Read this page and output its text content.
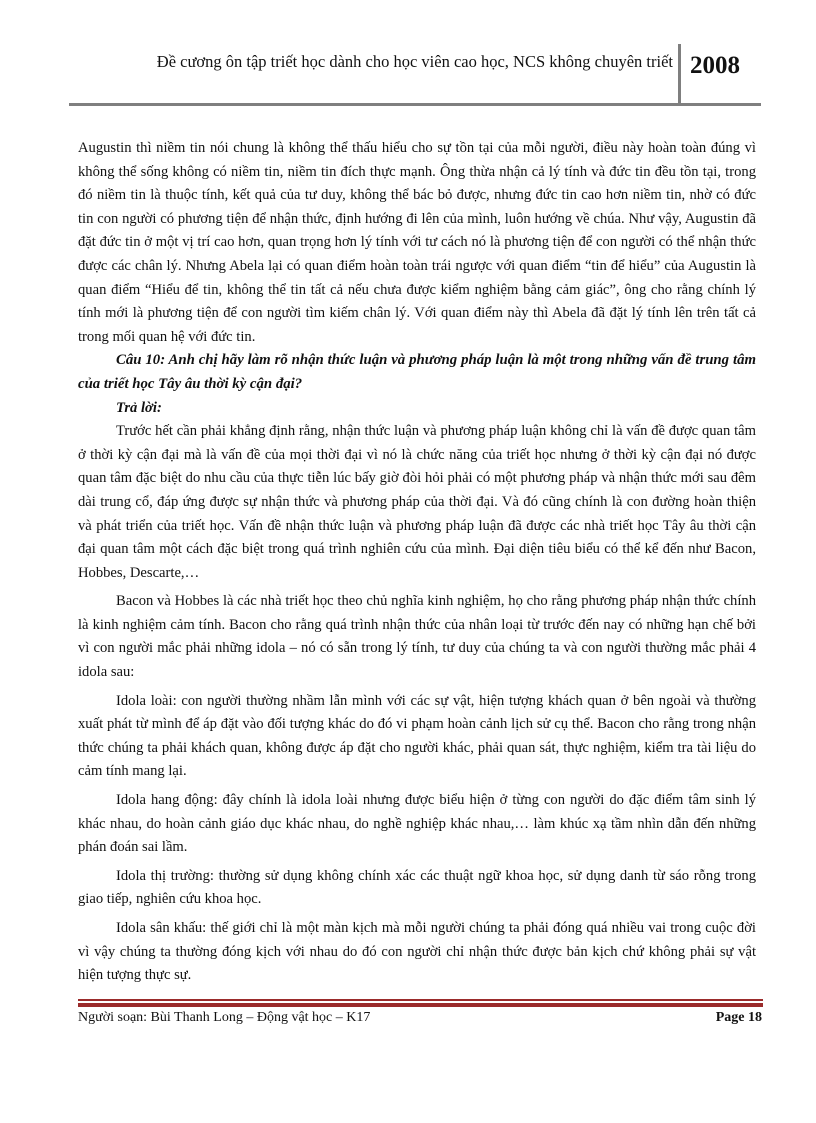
Đề cương ôn tập triết học dành cho học viên cao học, NCS không chuyên triết 2008

Augustin thì niềm tin nói chung là không thể thấu hiểu cho sự tồn tại của mỗi người, điều này hoàn toàn đúng vì không thể sống không có niềm tin, niềm tin đích thực mạnh. Ông thừa nhận cả lý tính và đức tin đều tồn tại, trong đó niềm tin là thuộc tính, kết quả của tư duy, không thể bác bỏ được, nhưng đức tin cao hơn niềm tin, nhờ có đức tin con người có phương tiện để nhận thức, định hướng đi lên của mình, luôn hướng về chúa. Như vậy, Augustin đã đặt đức tin ở một vị trí cao hơn, quan trọng hơn lý tính với tư cách nó là phương tiện để con người có thể nhận thức được các chân lý. Nhưng Abela lại có quan điểm hoàn toàn trái ngược với quan điểm “tin để hiểu” của Augustin là quan điểm “Hiểu để tin, không thể tin tất cả nếu chưa được kiểm nghiệm bằng cảm giác”, ông cho rằng chính lý tính mới là phương tiện để con người tìm kiếm chân lý. Với quan điểm này thì Abela đã đặt lý tính lên trên tất cả trong mối quan hệ với đức tin.

Câu 10: Anh chị hãy làm rõ nhận thức luận và phương pháp luận là một trong những vấn đề trung tâm của triết học Tây âu thời kỳ cận đại?

Trả lời:

Trước hết cần phải khẳng định rằng, nhận thức luận và phương pháp luận không chỉ là vấn đề được quan tâm ở thời kỳ cận đại mà là vấn đề của mọi thời đại vì nó là chức năng của triết học nhưng ở thời kỳ cận đại nó được quan tâm đặc biệt do nhu cầu của thực tiễn lúc bấy giờ đòi hỏi phải có một phương pháp và nhận thức mới sau đêm dài trung cổ, đáp ứng được sự nhận thức và phương pháp của thời đại. Và đó cũng chính là con đường hoàn thiện và phát triển của triết học. Vấn đề nhận thức luận và phương pháp luận đã được các nhà triết học Tây âu thời cận đại quan tâm một cách đặc biệt trong quá trình nghiên cứu của mình. Đại diện tiêu biểu có thể kể đến như Bacon, Hobbes, Descarte,…

Bacon và Hobbes là các nhà triết học theo chủ nghĩa kinh nghiệm, họ cho rằng phương pháp nhận thức chính là kinh nghiệm cảm tính. Bacon cho rằng quá trình nhận thức của nhân loại từ trước đến nay có những hạn chế bởi vì con người mắc phải những idola – nó có sẵn trong lý tính, tư duy của chúng ta và con người thường mắc phải 4 idola sau:

Idola loài: con người thường nhầm lẫn mình với các sự vật, hiện tượng khách quan ở bên ngoài và thường xuất phát từ mình để áp đặt vào đối tượng khác do đó vi phạm hoàn cảnh lịch sử cụ thể. Bacon cho rằng trong nhận thức chúng ta phải khách quan, không được áp đặt cho người khác, phải quan sát, thực nghiệm, kiểm tra tài liệu do cảm tính mang lại.

Idola hang động: đây chính là idola loài nhưng được biểu hiện ở từng con người do đặc điểm tâm sinh lý khác nhau, do hoàn cảnh giáo dục khác nhau, do nghề nghiệp khác nhau,… làm khúc xạ tầm nhìn dẫn đến những phán đoán sai lầm.

Idola thị trường: thường sử dụng không chính xác các thuật ngữ khoa học, sử dụng danh từ sáo rỗng trong giao tiếp, nghiên cứu khoa học.

Idola sân khấu: thế giới chỉ là một màn kịch mà mỗi người chúng ta phải đóng quá nhiều vai trong cuộc đời vì vậy chúng ta thường đóng kịch với nhau do đó con người chỉ nhận thức được bản kịch chứ không phải sự vật hiện tượng thực sự.

Người soạn: Bùi Thanh Long – Động vật học – K17	Page 18
